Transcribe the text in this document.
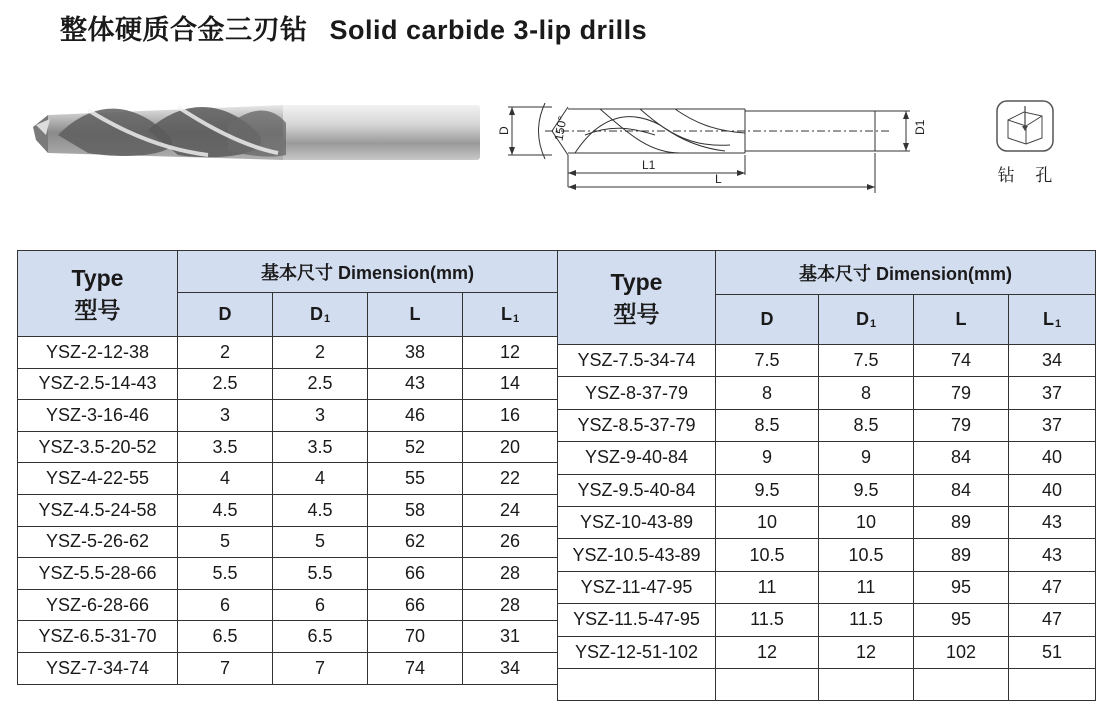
整体硬质合金三刃钻 Solid carbide 3-lip drills
D	150°	D1
L1
L	钻 孔
Type
型号	基本尺寸 Dimension(mm)			
	D	D1	L	L1
YSZ-2-12-38	2	2	38	12
YSZ-2.5-14-43	2.5	2.5	43	14
YSZ-3-16-46	3	3	46	16
YSZ-3.5-20-52	3.5	3.5	52	20
YSZ-4-22-55	4	4	55	22
YSZ-4.5-24-58	4.5	4.5	58	24
YSZ-5-26-62	5	5	62	26
YSZ-5.5-28-66	5.5	5.5	66	28
YSZ-6-28-66	6	6	66	28
YSZ-6.5-31-70	6.5	6.5	70	31
YSZ-7-34-74	7	7	74	34
Type
型号	基本尺寸 Dimension(mm)			
	D	D1	L	L1
YSZ-7.5-34-74	7.5	7.5	74	34
YSZ-8-37-79	8	8	79	37
YSZ-8.5-37-79	8.5	8.5	79	37
YSZ-9-40-84	9	9	84	40
YSZ-9.5-40-84	9.5	9.5	84	40
YSZ-10-43-89	10	10	89	43
YSZ-10.5-43-89	10.5	10.5	89	43
YSZ-11-47-95	11	11	95	47
YSZ-11.5-47-95	11.5	11.5	95	47
YSZ-12-51-102	12	12	102	51
